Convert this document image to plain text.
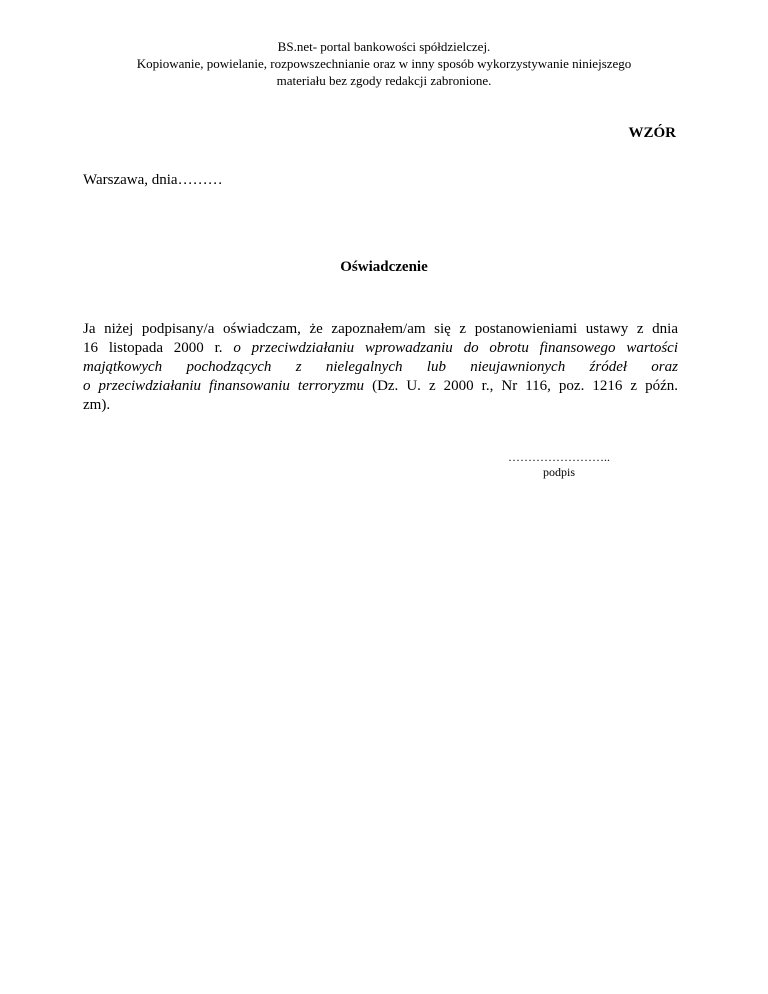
BS.net- portal bankowości spółdzielczej.
Kopiowanie, powielanie, rozpowszechnianie oraz w inny sposób wykorzystywanie niniejszego
materiału bez zgody redakcji zabronione.
WZÓR
Warszawa, dnia………
Oświadczenie
Ja niżej podpisany/a oświadczam, że zapoznałem/am się z postanowieniami ustawy z dnia
16 listopada 2000 r. o przeciwdziałaniu wprowadzaniu do obrotu finansowego wartości
majątkowych pochodzących z nielegalnych lub nieujawnionych źródeł oraz
o przeciwdziałaniu finansowaniu terroryzmu (Dz. U. z 2000 r., Nr 116, poz. 1216 z późn.
zm).
……………………..
podpis
